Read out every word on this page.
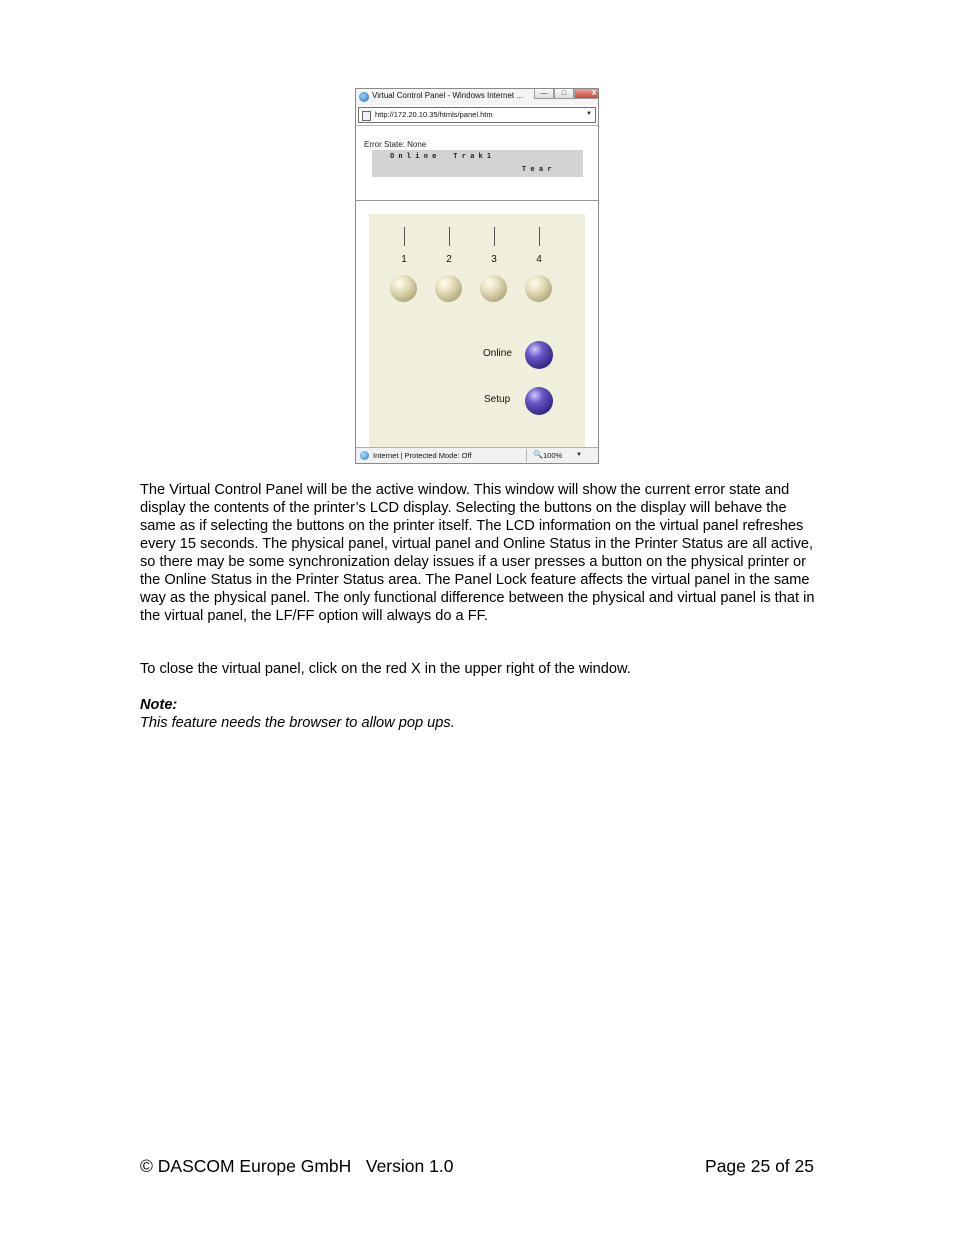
Virtual Control Panel - Windows Internet ...	—	□	X
http://172.20.10.35/htmls/panel.htm	▼
Error State: None
O n l i n e    T r a k 1
T e a r
1	2	3	4
Online
Setup
Internet | Protected Mode: Off	🔍 100% ▼
The Virtual Control Panel will be the active window. This window will show the current error state and display the contents of the printer’s LCD display. Selecting the buttons on the display will behave the same as if selecting the buttons on the printer itself. The LCD information on the virtual panel refreshes every 15 seconds. The physical panel, virtual panel and Online Status in the Printer Status are all active, so there may be some synchronization delay issues if a user presses a button on the physical printer or the Online Status in the Printer Status area. The Panel Lock feature affects the virtual panel in the same way as the physical panel. The only functional difference between the physical and virtual panel is that in the virtual panel, the LF/FF option will always do a FF.
To close the virtual panel, click on the red X in the upper right of the window.
Note:
This feature needs the browser to allow pop ups.
© DASCOM Europe GmbH   Version 1.0	Page 25 of 25
